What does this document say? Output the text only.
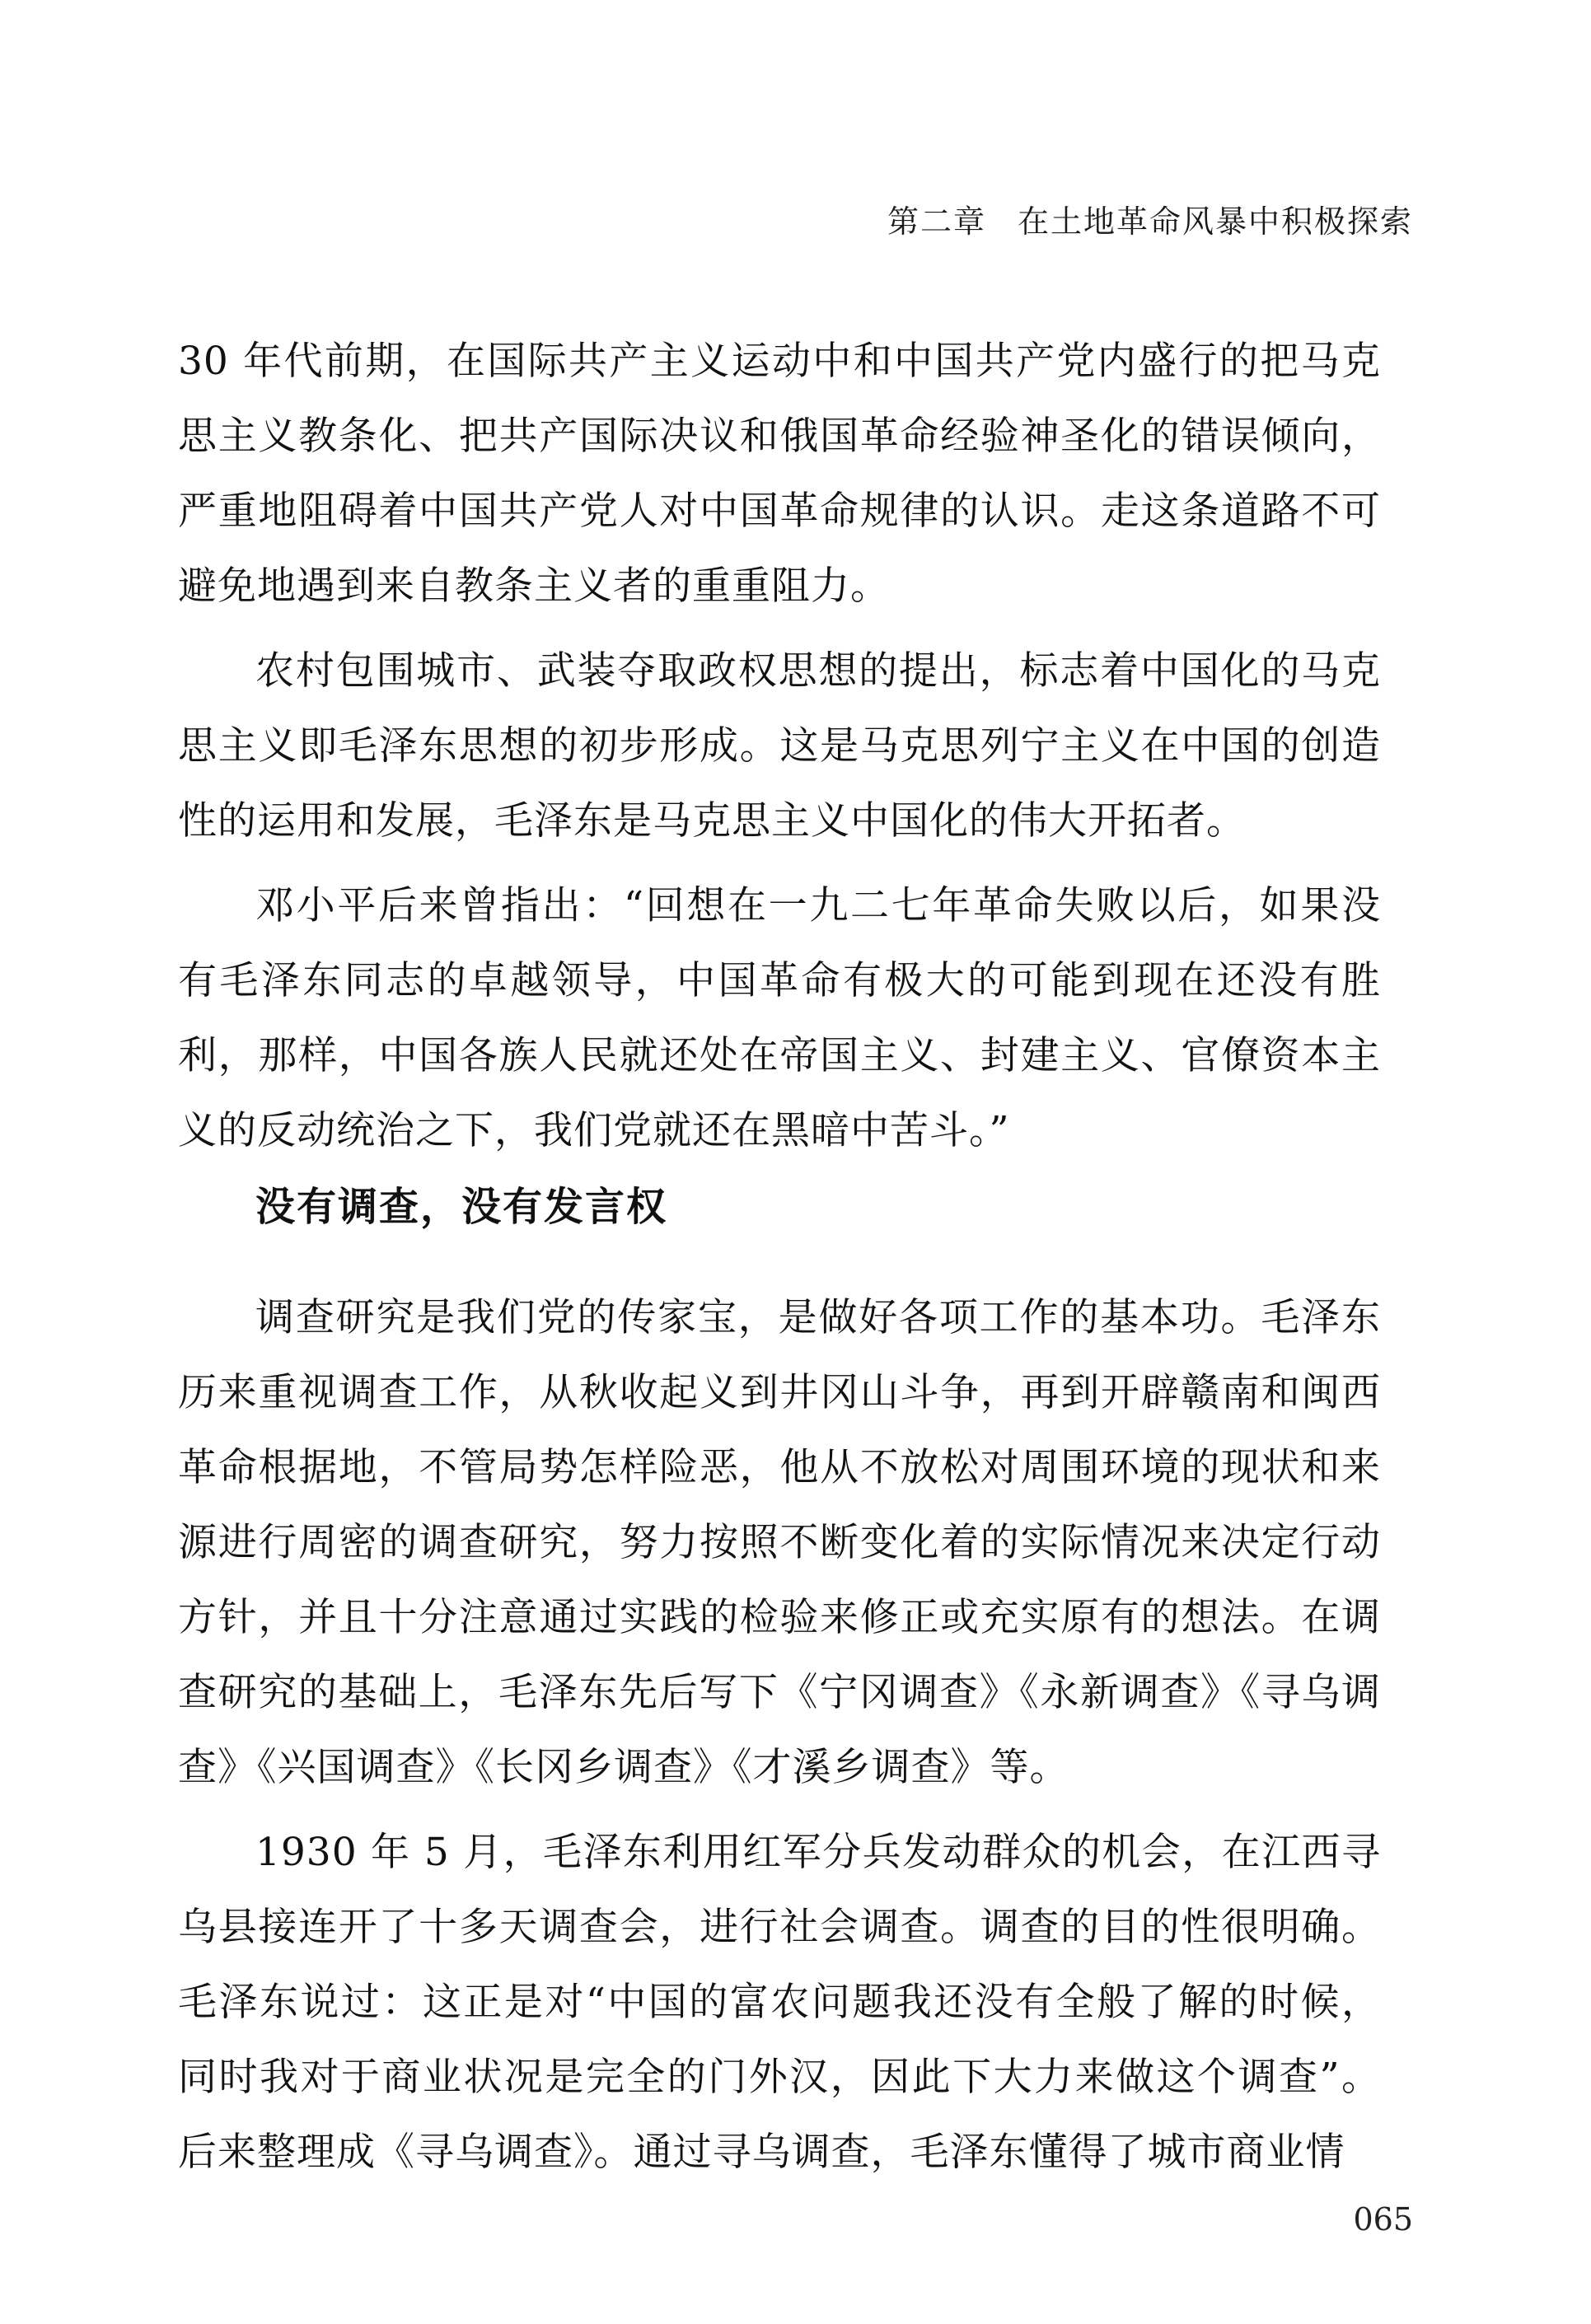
第二章 在土地革命风暴中积极探索

30 年代前期，在国际共产主义运动中和中国共产党内盛行的把马克思主义教条化、把共产国际决议和俄国革命经验神圣化的错误倾向，严重地阻碍着中国共产党人对中国革命规律的认识。走这条道路不可避免地遇到来自教条主义者的重重阻力。

农村包围城市、武装夺取政权思想的提出，标志着中国化的马克思主义即毛泽东思想的初步形成。这是马克思列宁主义在中国的创造性的运用和发展，毛泽东是马克思主义中国化的伟大开拓者。

邓小平后来曾指出：“回想在一九二七年革命失败以后，如果没有毛泽东同志的卓越领导，中国革命有极大的可能到现在还没有胜利，那样，中国各族人民就还处在帝国主义、封建主义、官僚资本主义的反动统治之下，我们党就还在黑暗中苦斗。”

没有调查，没有发言权

调查研究是我们党的传家宝，是做好各项工作的基本功。毛泽东历来重视调查工作，从秋收起义到井冈山斗争，再到开辟赣南和闽西革命根据地，不管局势怎样险恶，他从不放松对周围环境的现状和来源进行周密的调查研究，努力按照不断变化着的实际情况来决定行动方针，并且十分注意通过实践的检验来修正或充实原有的想法。在调查研究的基础上，毛泽东先后写下《宁冈调查》《永新调查》《寻乌调查》《兴国调查》《长冈乡调查》《才溪乡调查》等。

1930 年 5 月，毛泽东利用红军分兵发动群众的机会，在江西寻乌县接连开了十多天调查会，进行社会调查。调查的目的性很明确。毛泽东说过：这正是对“中国的富农问题我还没有全般了解的时候，同时我对于商业状况是完全的门外汉，因此下大力来做这个调查”。后来整理成《寻乌调查》。通过寻乌调查，毛泽东懂得了城市商业情

065
